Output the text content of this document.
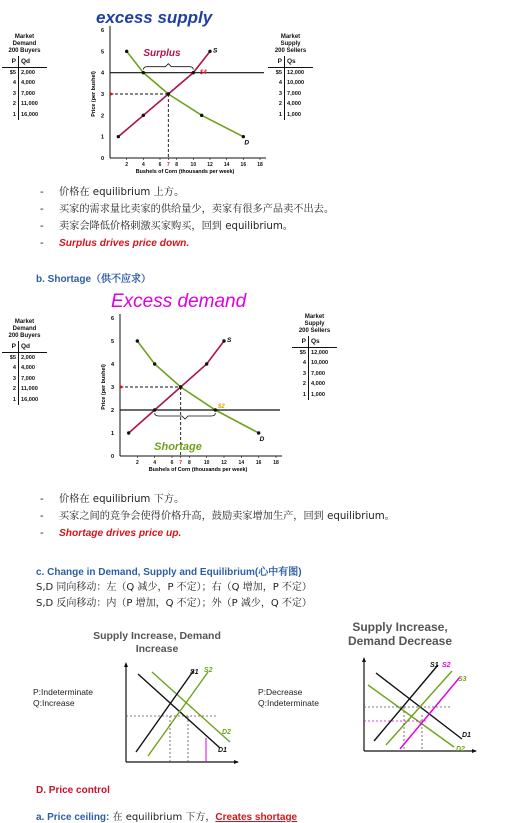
excess supply
Market
Demand
200 Buyers
P	Qd
$5	2,000
4	4,000
3	7,000
2	11,000
1	16,000
Market
Supply
200 Sellers
P	Qs
$5	12,000
4	10,000
3	7,000
2	4,000
1	1,000
0
1
2
3
4
5
6
2	4	6 7 8 10 12 14 16 18
Bushels of Corn (thousands per week)
Price (per bushel)
S
D
Surplus
$4
- 价格在 equilibrium 上方。
- 买家的需求量比卖家的供给量少，卖家有很多产品卖不出去。
- 卖家会降低价格刺激买家购买，回到 equilibrium。
- Surplus drives price down.
b. Shortage（供不应求）
Excess demand
Market
Demand
200 Buyers
P	Qd
$5	2,000
4	4,000
3	7,000
2	11,000
1	16,000
Market
Supply
200 Sellers
P	Qs
$5	12,000
4	10,000
3	7,000
2	4,000
1	1,000
0
1
2
3
4
5
6
2	4	6 7 8	10 12 14 16 18
Bushels of Corn (thousands per week)
Price (per bushel)
S
D
Shortage
$2
- 价格在 equilibrium 下方。
- 买家之间的竞争会使得价格升高，鼓励卖家增加生产，回到 equilibrium。
- Shortage drives price up.
c. Change in Demand, Supply and Equilibrium(心中有图)
S,D 同向移动：左（Q 减少，P 不定）；右（Q 增加，P 不定）
S,D 反向移动：内（P 增加，Q 不定）；外（P 减少，Q 不定）
Supply Increase, Demand Increase
P:Indeterminate
Q:Increase
S1 S2
D2
D1
Supply Increase, Demand Decrease
P:Decrease
Q:Indeterminate
S1 S2
S3
D1
D2
D. Price control
a. Price ceiling: 在 equilibrium 下方，Creates shortage
